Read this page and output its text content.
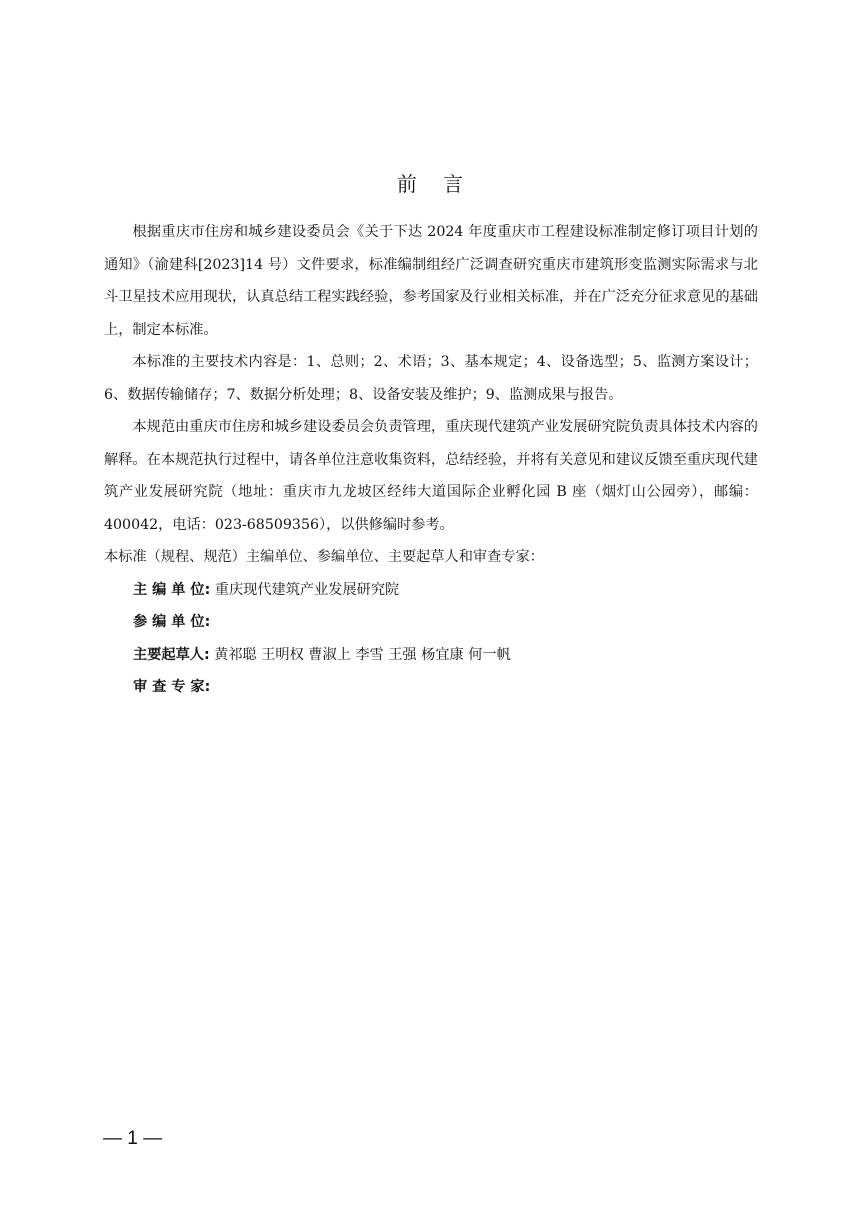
前 言

根据重庆市住房和城乡建设委员会《关于下达 2024 年度重庆市工程建设标准制定修订项目计划的通知》（渝建科[2023]14 号）文件要求，标准编制组经广泛调查研究重庆市建筑形变监测实际需求与北斗卫星技术应用现状，认真总结工程实践经验，参考国家及行业相关标准，并在广泛充分征求意见的基础上，制定本标准。

本标准的主要技术内容是：1、总则；2、术语；3、基本规定；4、设备选型；5、监测方案设计；6、数据传输储存；7、数据分析处理；8、设备安装及维护；9、监测成果与报告。

本规范由重庆市住房和城乡建设委员会负责管理，重庆现代建筑产业发展研究院负责具体技术内容的解释。在本规范执行过程中，请各单位注意收集资料，总结经验，并将有关意见和建议反馈至重庆现代建筑产业发展研究院（地址：重庆市九龙坡区经纬大道国际企业孵化园 B 座（烟灯山公园旁），邮编：400042，电话：023-68509356），以供修编时参考。

本标准（规程、规范）主编单位、参编单位、主要起草人和审查专家：

主 编 单 位: 重庆现代建筑产业发展研究院

参 编 单 位:

主要起草人: 黄祁聪 王明权 曹淑上 李雪 王强 杨宜康 何一帆

审 查 专 家:

— 1 —
